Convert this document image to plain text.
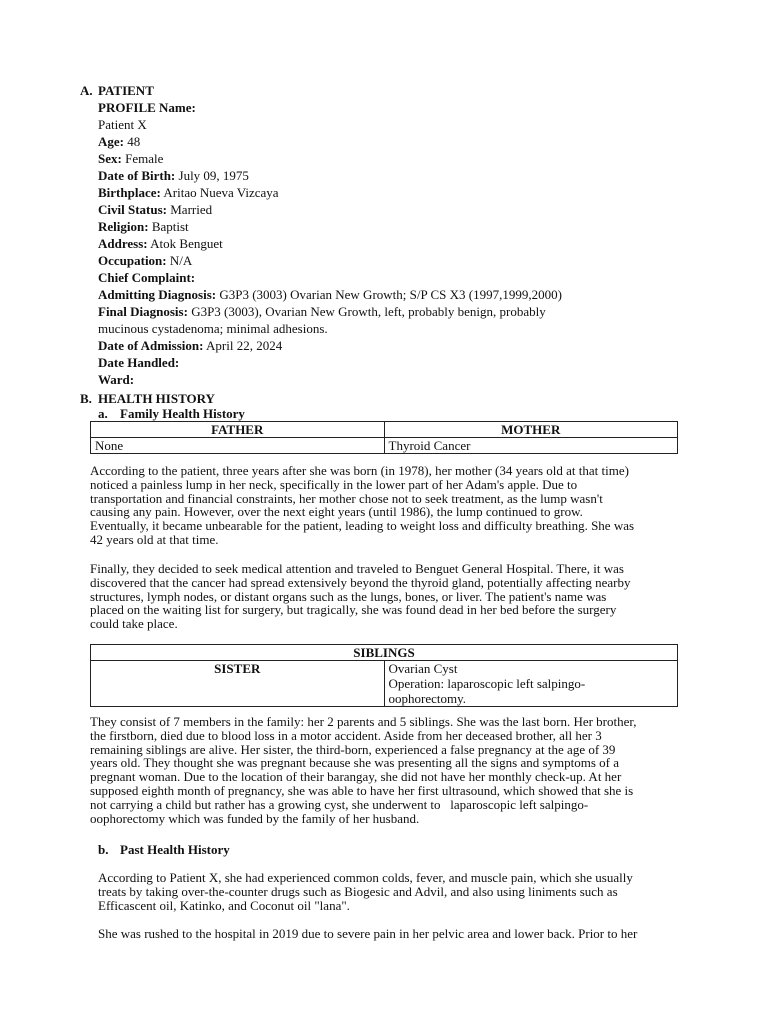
A. PATIENT
PROFILE Name:
Patient X
Age: 48
Sex: Female
Date of Birth: July 09, 1975
Birthplace: Aritao Nueva Vizcaya
Civil Status: Married
Religion: Baptist
Address: Atok Benguet
Occupation: N/A
Chief Complaint:
Admitting Diagnosis: G3P3 (3003) Ovarian New Growth; S/P CS X3 (1997,1999,2000)
Final Diagnosis: G3P3 (3003), Ovarian New Growth, left, probably benign, probably
mucinous cystadenoma; minimal adhesions.
Date of Admission: April 22, 2024
Date Handled:
Ward:
B. HEALTH HISTORY
a. Family Health History
FATHER	MOTHER
None	Thyroid Cancer
According to the patient, three years after she was born (in 1978), her mother (34 years old at that time)
noticed a painless lump in her neck, specifically in the lower part of her Adam's apple. Due to
transportation and financial constraints, her mother chose not to seek treatment, as the lump wasn't
causing any pain. However, over the next eight years (until 1986), the lump continued to grow.
Eventually, it became unbearable for the patient, leading to weight loss and difficulty breathing. She was
42 years old at that time.
Finally, they decided to seek medical attention and traveled to Benguet General Hospital. There, it was
discovered that the cancer had spread extensively beyond the thyroid gland, potentially affecting nearby
structures, lymph nodes, or distant organs such as the lungs, bones, or liver. The patient's name was
placed on the waiting list for surgery, but tragically, she was found dead in her bed before the surgery
could take place.
SIBLINGS
SISTER	Ovarian Cyst
Operation: laparoscopic left salpingo-
oophorectomy.
They consist of 7 members in the family: her 2 parents and 5 siblings. She was the last born. Her brother,
the firstborn, died due to blood loss in a motor accident. Aside from her deceased brother, all her 3
remaining siblings are alive. Her sister, the third-born, experienced a false pregnancy at the age of 39
years old. They thought she was pregnant because she was presenting all the signs and symptoms of a
pregnant woman. Due to the location of their barangay, she did not have her monthly check-up. At her
supposed eighth month of pregnancy, she was able to have her first ultrasound, which showed that she is
not carrying a child but rather has a growing cyst, she underwent to   laparoscopic left salpingo-
oophorectomy which was funded by the family of her husband.
b. Past Health History
According to Patient X, she had experienced common colds, fever, and muscle pain, which she usually
treats by taking over-the-counter drugs such as Biogesic and Advil, and also using liniments such as
Efficascent oil, Katinko, and Coconut oil "lana".
She was rushed to the hospital in 2019 due to severe pain in her pelvic area and lower back. Prior to her
